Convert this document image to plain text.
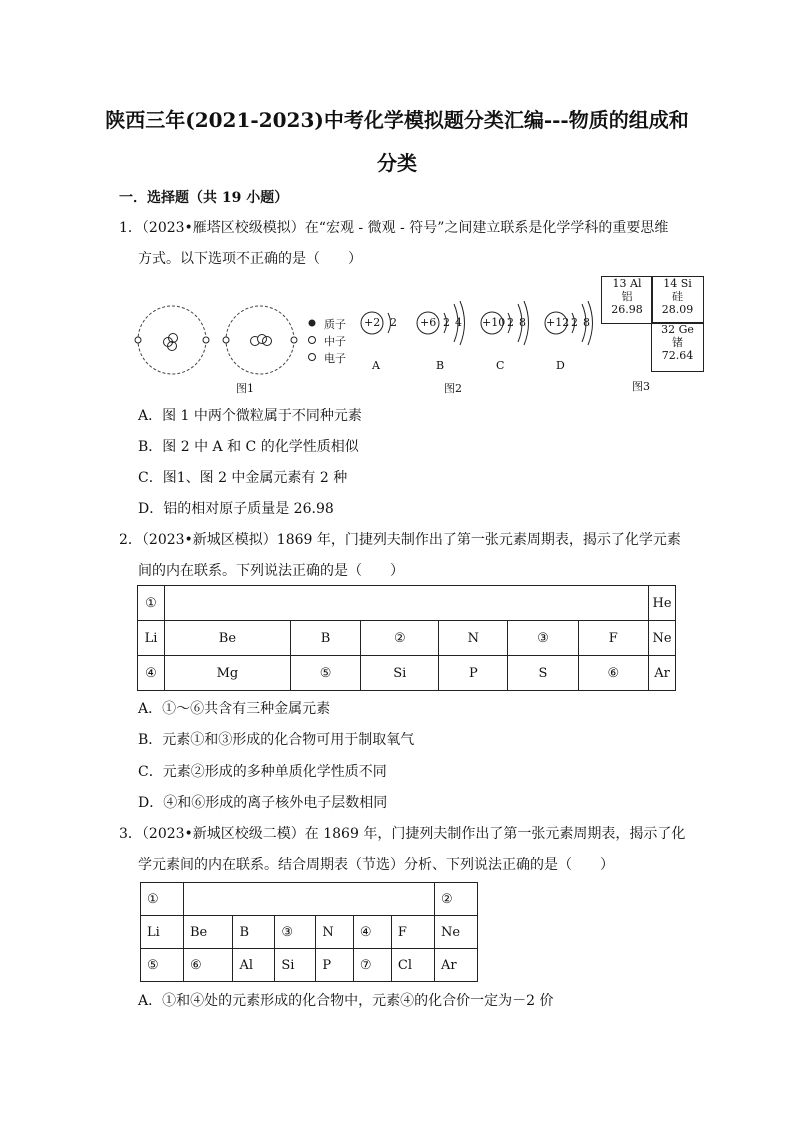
陕西三年(2021-2023)中考化学模拟题分类汇编---物质的组成和
分类
一．选择题（共 19 小题）
1．（2023•雁塔区校级模拟）在“宏观 - 微观 - 符号”之间建立联系是化学学科的重要思维
方式。以下选项不正确的是（　　）
质子
中子
电子
图1
+2 2
A
+6 2 4
B
+10 2 8
C
+12 2 8
D
图2
13 Al
铝
26.98
14 Si
硅
28.09
32 Ge
锗
72.64
图3
A．图 1 中两个微粒属于不同种元素
B．图 2 中 A 和 C 的化学性质相似
C．图1、图 2 中金属元素有 2 种
D．铝的相对原子质量是 26.98
2．（2023•新城区模拟）1869 年，门捷列夫制作出了第一张元素周期表，揭示了化学元素
间的内在联系。下列说法正确的是（　　）
①							He
Li	Be	B	②	N	③	F	Ne
④	Mg	⑤	Si	P	S	⑥	Ar
A．①～⑥共含有三种金属元素
B．元素①和③形成的化合物可用于制取氧气
C．元素②形成的多种单质化学性质不同
D．④和⑥形成的离子核外电子层数相同
3．（2023•新城区校级二模）在 1869 年，门捷列夫制作出了第一张元素周期表，揭示了化
学元素间的内在联系。结合周期表（节选）分析、下列说法正确的是（　　）
①							②
Li	Be	B	③	N	④	F	Ne
⑤	⑥	Al	Si	P	⑦	Cl	Ar
A．①和④处的元素形成的化合物中，元素④的化合价一定为－2 价
